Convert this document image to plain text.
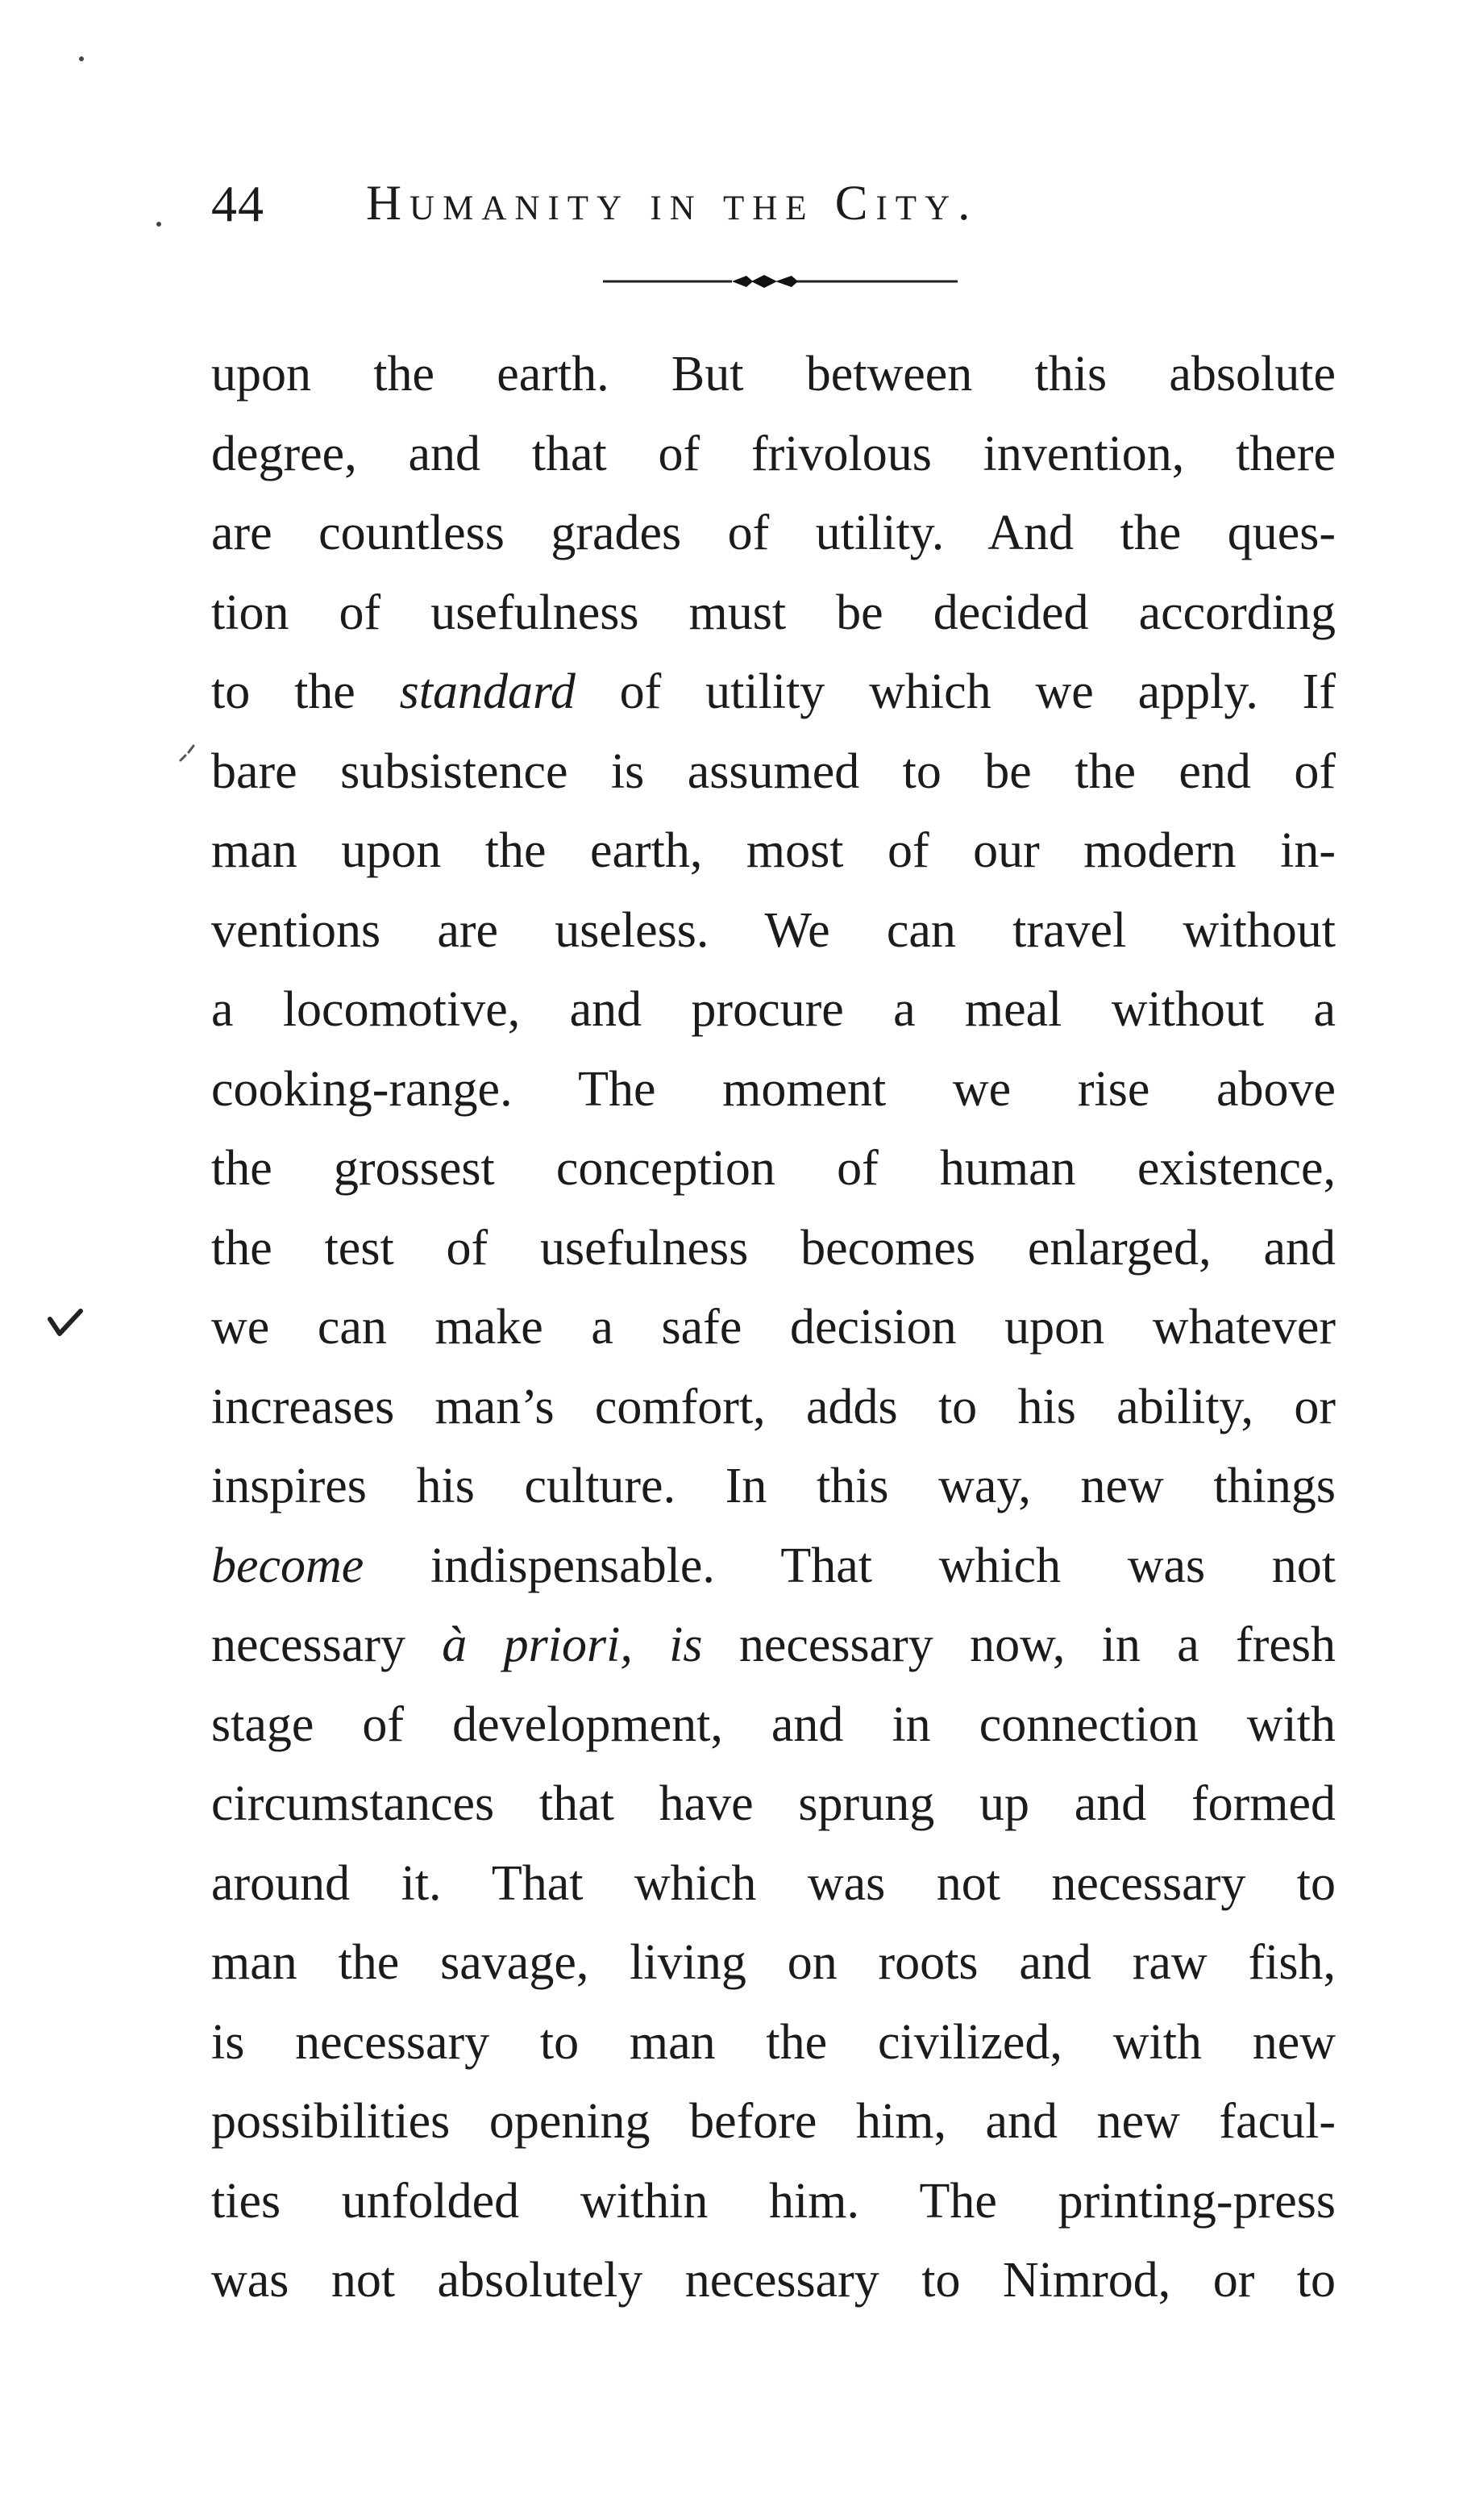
44 Humanity in the City.
upon the earth. But between this absolute
degree, and that of frivolous invention, there
are countless grades of utility. And the ques-
tion of usefulness must be decided according
to the standard of utility which we apply. If
bare subsistence is assumed to be the end of
man upon the earth, most of our modern in-
ventions are useless. We can travel without
a locomotive, and procure a meal without a
cooking-range. The moment we rise above
the grossest conception of human existence,
the test of usefulness becomes enlarged, and
we can make a safe decision upon whatever
increases man’s comfort, adds to his ability, or
inspires his culture. In this way, new things
become indispensable. That which was not
necessary à priori, is necessary now, in a fresh
stage of development, and in connection with
circumstances that have sprung up and formed
around it. That which was not necessary to
man the savage, living on roots and raw fish,
is necessary to man the civilized, with new
possibilities opening before him, and new facul-
ties unfolded within him. The printing-press
was not absolutely necessary to Nimrod, or to
